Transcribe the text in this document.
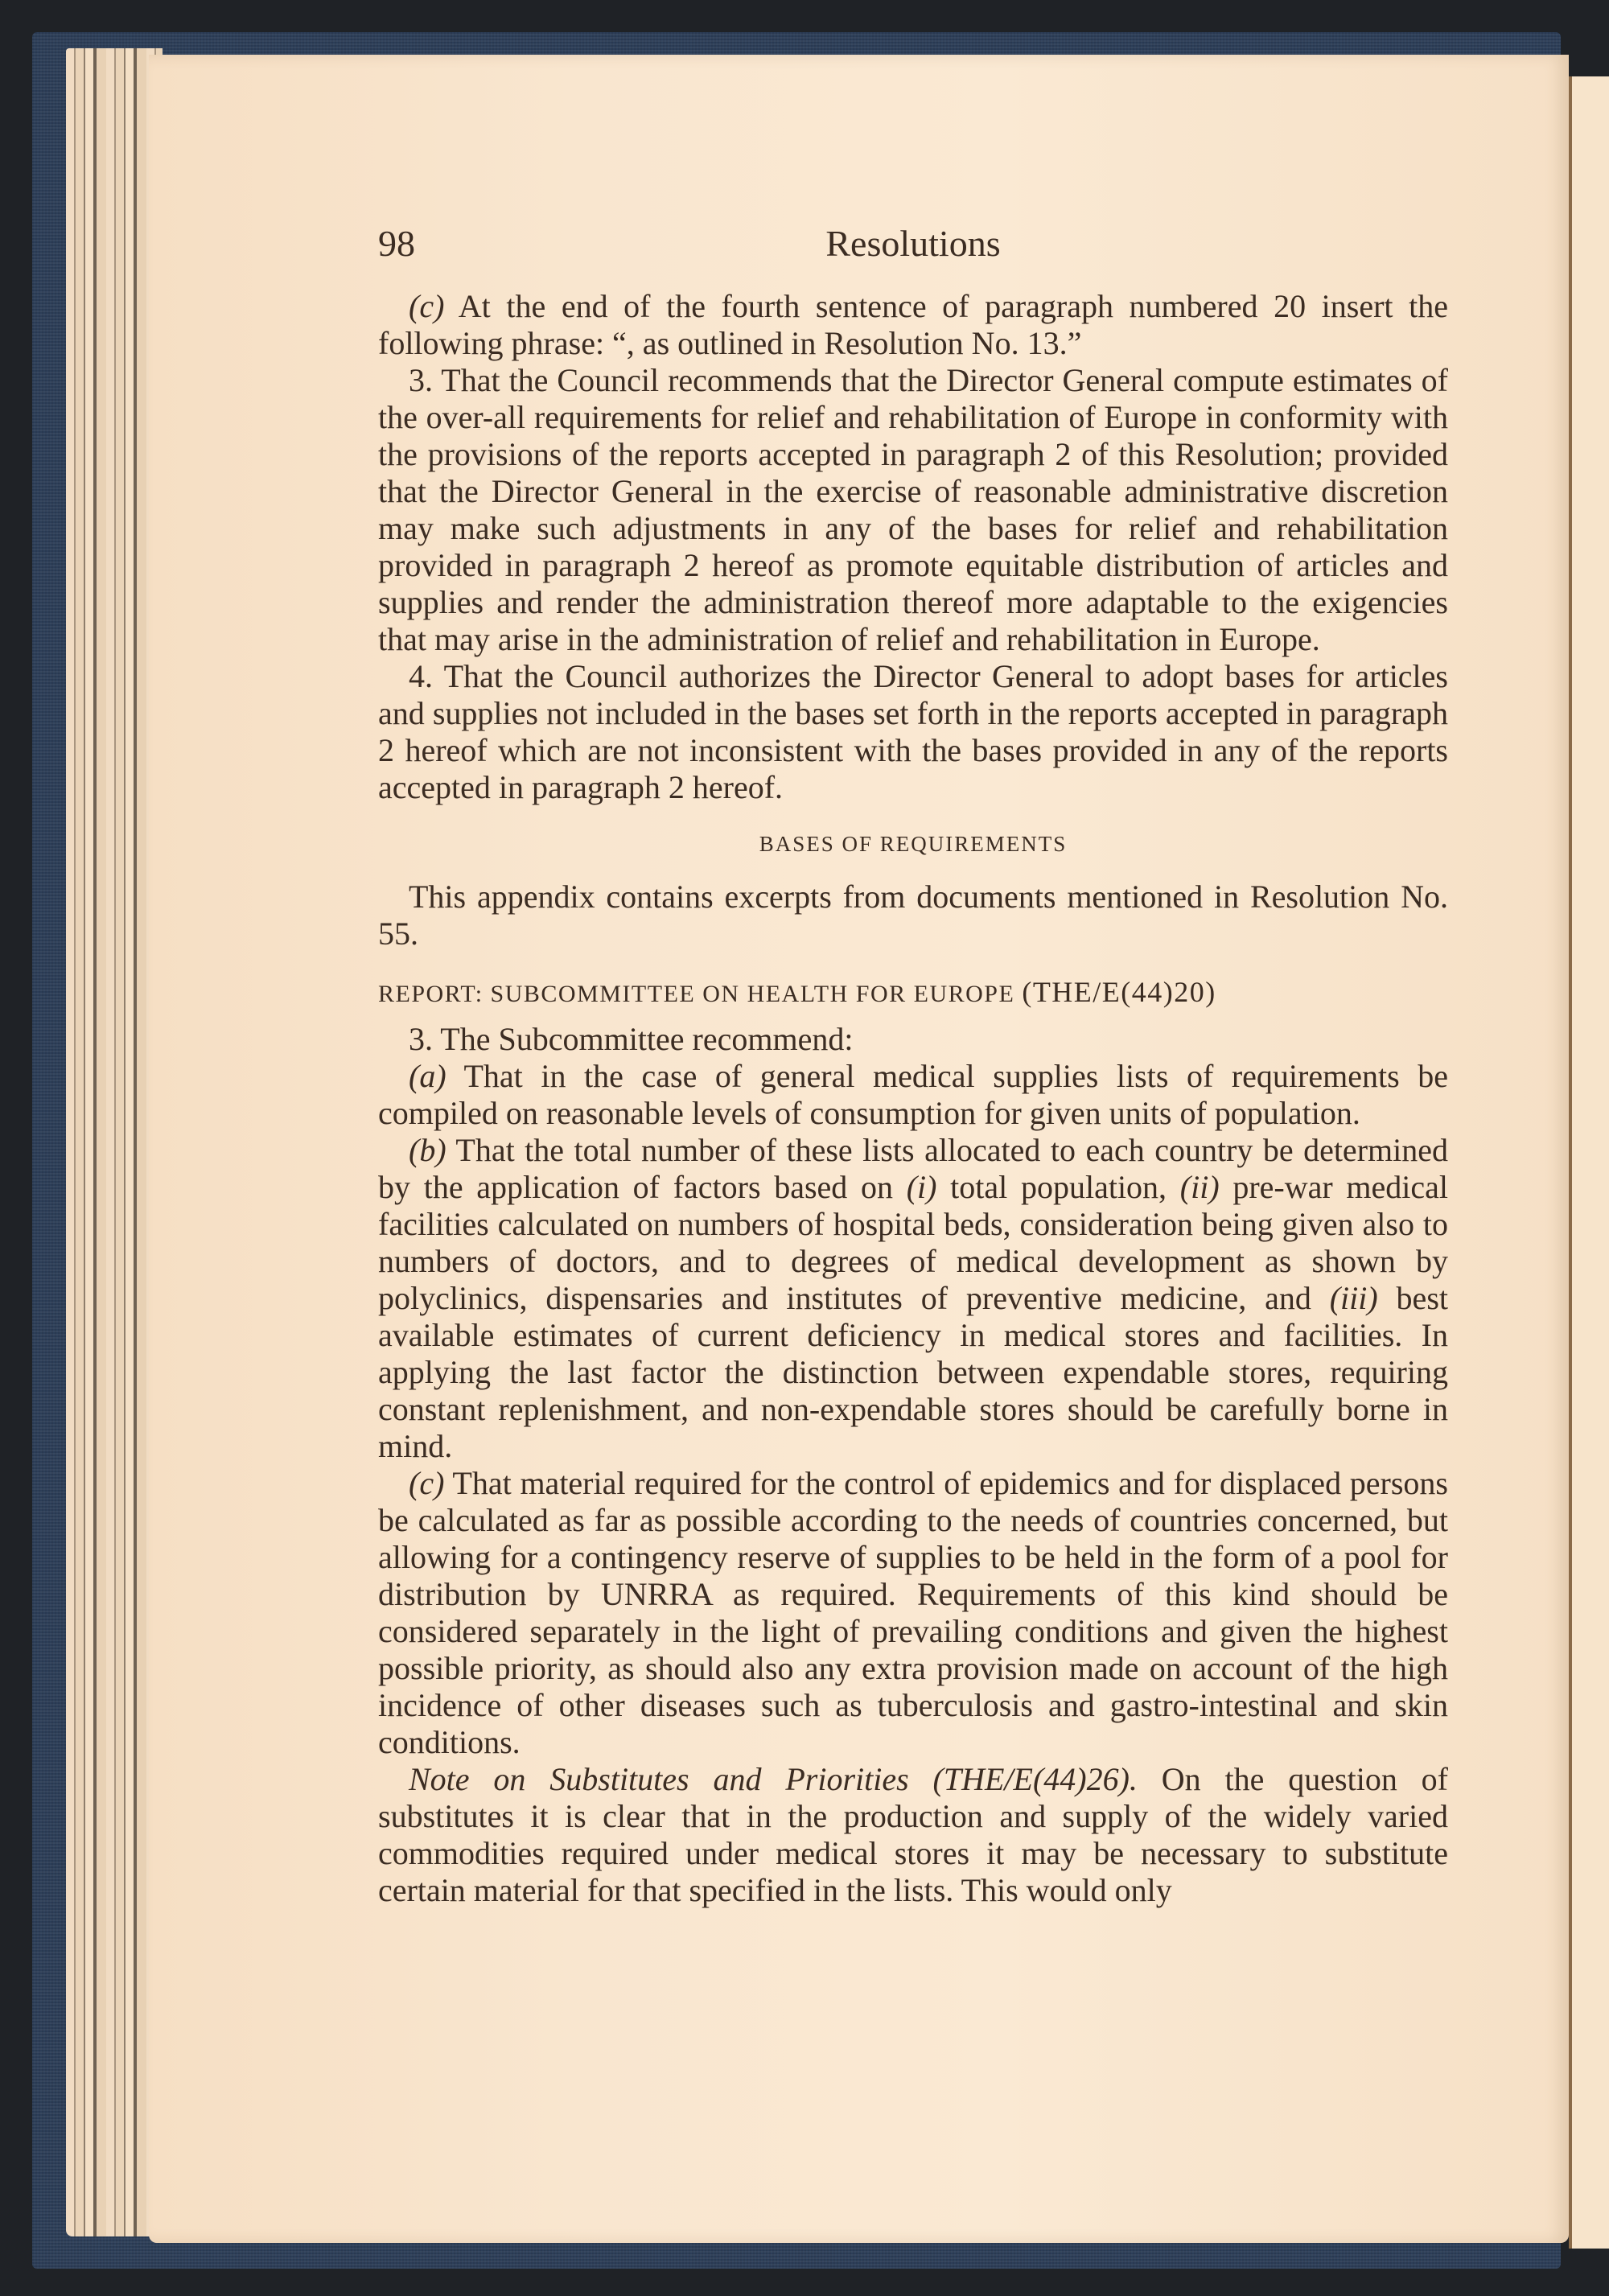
98	Resolutions

(c) At the end of the fourth sentence of paragraph numbered 20 insert the following phrase: “, as outlined in Resolution No. 13.”

3. That the Council recommends that the Director General compute estimates of the over-all requirements for relief and rehabilitation of Europe in conformity with the provisions of the reports accepted in paragraph 2 of this Resolution; provided that the Director General in the exercise of reasonable administrative discretion may make such adjustments in any of the bases for relief and rehabilitation provided in paragraph 2 hereof as promote equitable distribution of articles and supplies and render the administration thereof more adaptable to the exigencies that may arise in the administration of relief and rehabilitation in Europe.

4. That the Council authorizes the Director General to adopt bases for articles and supplies not included in the bases set forth in the reports accepted in paragraph 2 hereof which are not inconsistent with the bases provided in any of the reports accepted in paragraph 2 hereof.

BASES OF REQUIREMENTS

This appendix contains excerpts from documents mentioned in Resolution No. 55.

REPORT: SUBCOMMITTEE ON HEALTH FOR EUROPE (THE/E(44)20)

3. The Subcommittee recommend:

(a) That in the case of general medical supplies lists of requirements be compiled on reasonable levels of consumption for given units of population.

(b) That the total number of these lists allocated to each country be determined by the application of factors based on (i) total population, (ii) pre-war medical facilities calculated on numbers of hospital beds, consideration being given also to numbers of doctors, and to degrees of medical development as shown by polyclinics, dispensaries and institutes of preventive medicine, and (iii) best available estimates of current deficiency in medical stores and facilities. In applying the last factor the distinction between expendable stores, requiring constant replenishment, and non-expendable stores should be carefully borne in mind.

(c) That material required for the control of epidemics and for displaced persons be calculated as far as possible according to the needs of countries concerned, but allowing for a contingency reserve of supplies to be held in the form of a pool for distribution by UNRRA as required. Requirements of this kind should be considered separately in the light of prevailing conditions and given the highest possible priority, as should also any extra provision made on account of the high incidence of other diseases such as tuberculosis and gastro-intestinal and skin conditions.

Note on Substitutes and Priorities (THE/E(44)26). On the question of substitutes it is clear that in the production and supply of the widely varied commodities required under medical stores it may be necessary to substitute certain material for that specified in the lists. This would only
